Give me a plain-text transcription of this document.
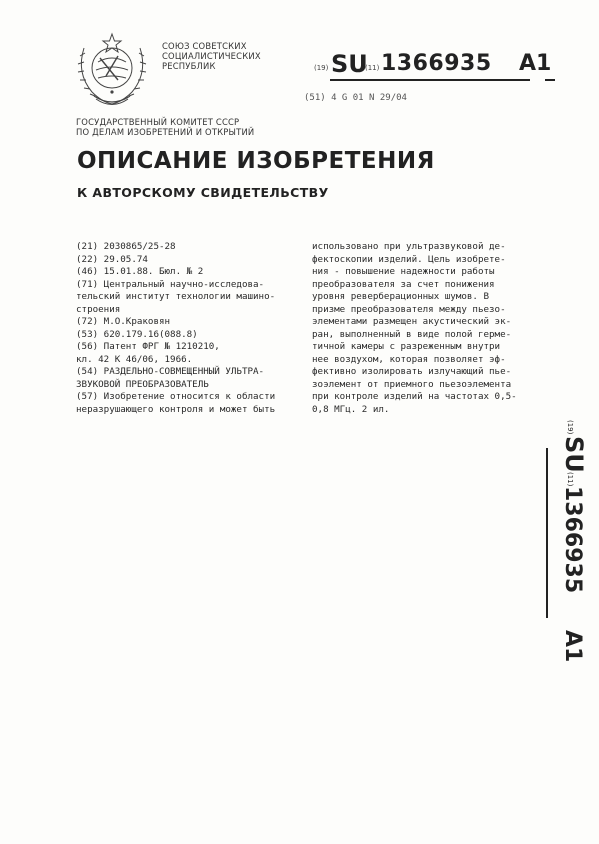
СОЮЗ СОВЕТСКИХ
СОЦИАЛИСТИЧЕСКИХ
РЕСПУБЛИК	(19) SU
(11) 1366935 A1
(51) 4 G 01 N 29/04
ГОСУДАРСТВЕННЫЙ КОМИТЕТ СССР
ПО ДЕЛАМ ИЗОБРЕТЕНИЙ И ОТКРЫТИЙ
ОПИСАНИЕ ИЗОБРЕТЕНИЯ
К АВТОРСКОМУ СВИДЕТЕЛЬСТВУ
(21) 2030865/25-28
(22) 29.05.74
(46) 15.01.88. Бюл. № 2
(71) Центральный научно-исследова-
тельский институт технологии машино-
строения
(72) М.О.Краковян
(53) 620.179.16(088.8)
(56) Патент ФРГ № 1210210,
кл. 42 К 46/06, 1966.
(54) РАЗДЕЛЬНО-СОВМЕЩЕННЫЙ УЛЬТРА-
ЗВУКОВОЙ ПРЕОБРАЗОВАТЕЛЬ
(57) Изобретение относится к области
неразрушающего контроля и может быть
использовано при ультразвуковой де-
фектоскопии изделий. Цель изобрете-
ния - повышение надежности работы
преобразователя за счет понижения
уровня реверберационных шумов. В
призме преобразователя между пьезо-
элементами размещен акустический эк-
ран, выполненный в виде полой герме-
тичной камеры с разреженным внутри
нее воздухом, которая позволяет эф-
фективно изолировать излучающий пье-
зоэлемент от приемного пьезоэлемента
при контроле изделий на частотах 0,5-
0,8 МГц. 2 ил.
(19)
SU
(11)
1366935
A1
